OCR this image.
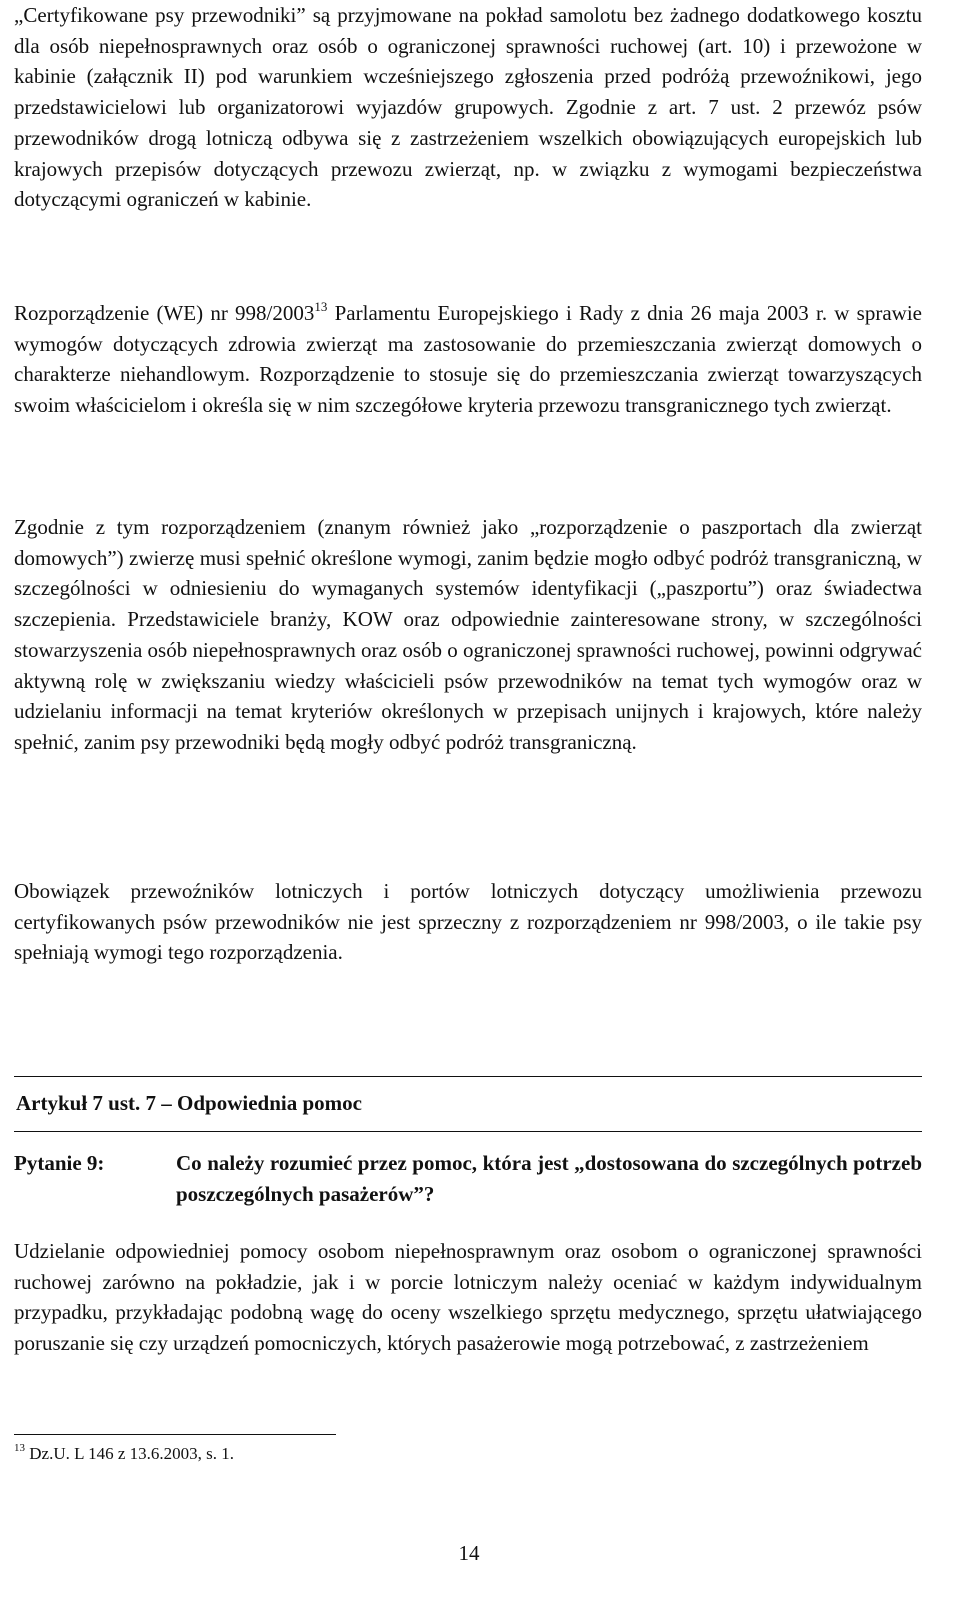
„Certyfikowane psy przewodniki” są przyjmowane na pokład samolotu bez żadnego dodatkowego kosztu dla osób niepełnosprawnych oraz osób o ograniczonej sprawności ruchowej (art. 10) i przewożone w kabinie (załącznik II) pod warunkiem wcześniejszego zgłoszenia przed podróżą przewoźnikowi, jego przedstawicielowi lub organizatorowi wyjazdów grupowych. Zgodnie z art. 7 ust. 2 przewóz psów przewodników drogą lotniczą odbywa się z zastrzeżeniem wszelkich obowiązujących europejskich lub krajowych przepisów dotyczących przewozu zwierząt, np. w związku z wymogami bezpieczeństwa dotyczącymi ograniczeń w kabinie.

Rozporządzenie (WE) nr 998/2003$^{13}$ Parlamentu Europejskiego i Rady z dnia 26 maja 2003 r. w sprawie wymogów dotyczących zdrowia zwierząt ma zastosowanie do przemieszczania zwierząt domowych o charakterze niehandlowym. Rozporządzenie to stosuje się do przemieszczania zwierząt towarzyszących swoim właścicielom i określa się w nim szczegółowe kryteria przewozu transgranicznego tych zwierząt.

Zgodnie z tym rozporządzeniem (znanym również jako „rozporządzenie o paszportach dla zwierząt domowych”) zwierzę musi spełnić określone wymogi, zanim będzie mogło odbyć podróż transgraniczną, w szczególności w odniesieniu do wymaganych systemów identyfikacji („paszportu”) oraz świadectwa szczepienia. Przedstawiciele branży, KOW oraz odpowiednie zainteresowane strony, w szczególności stowarzyszenia osób niepełnosprawnych oraz osób o ograniczonej sprawności ruchowej, powinni odgrywać aktywną rolę w zwiększaniu wiedzy właścicieli psów przewodników na temat tych wymogów oraz w udzielaniu informacji na temat kryteriów określonych w przepisach unijnych i krajowych, które należy spełnić, zanim psy przewodniki będą mogły odbyć podróż transgraniczną.

Obowiązek przewoźników lotniczych i portów lotniczych dotyczący umożliwienia przewozu certyfikowanych psów przewodników nie jest sprzeczny z rozporządzeniem nr 998/2003, o ile takie psy spełniają wymogi tego rozporządzenia.

Artykuł 7 ust. 7 – Odpowiednia pomoc
Pytanie 9:	Co należy rozumieć przez pomoc, która jest „dostosowana do szczególnych potrzeb poszczególnych pasażerów”?

Udzielanie odpowiedniej pomocy osobom niepełnosprawnym oraz osobom o ograniczonej sprawności ruchowej zarówno na pokładzie, jak i w porcie lotniczym należy oceniać w każdym indywidualnym przypadku, przykładając podobną wagę do oceny wszelkiego sprzętu medycznego, sprzętu ułatwiającego poruszanie się czy urządzeń pomocniczych, których pasażerowie mogą potrzebować, z zastrzeżeniem

$^{13}$ Dz.U. L 146 z 13.6.2003, s. 1.
14
